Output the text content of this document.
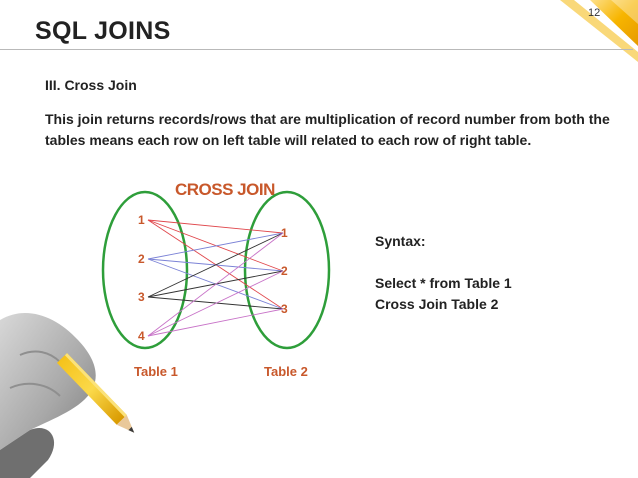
12
SQL JOINS
III. Cross Join

This join returns records/rows that are multiplication of record number from both the tables means each row on left table will related to each row of right table.

CROSS JOIN
1
2
3
4
1
2
3
Table 1	Table 2
Syntax:
Select * from Table 1
Cross Join Table 2
